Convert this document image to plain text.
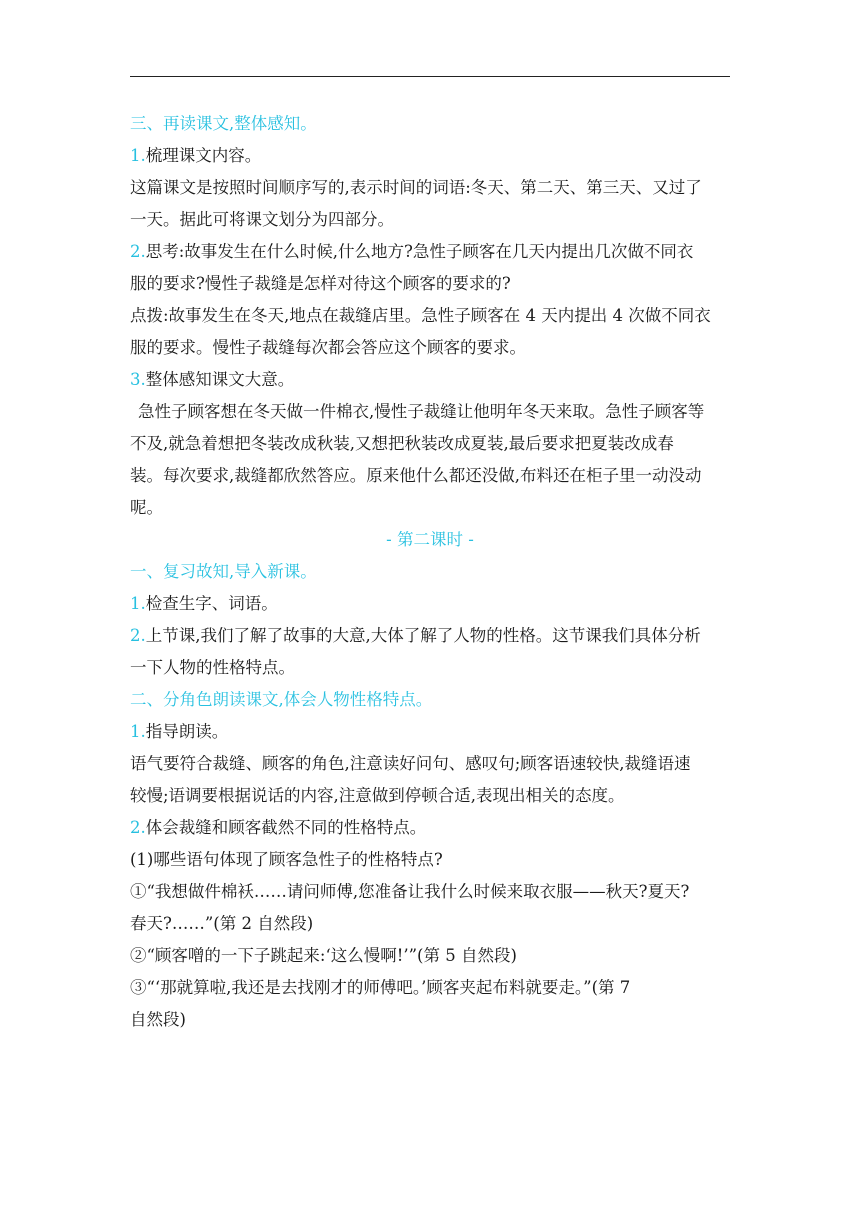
三、再读课文,整体感知。
1.梳理课文内容。
这篇课文是按照时间顺序写的,表示时间的词语:冬天、第二天、第三天、又过了
一天。据此可将课文划分为四部分。
2.思考:故事发生在什么时候,什么地方?急性子顾客在几天内提出几次做不同衣
服的要求?慢性子裁缝是怎样对待这个顾客的要求的?
点拨:故事发生在冬天,地点在裁缝店里。急性子顾客在 4 天内提出 4 次做不同衣
服的要求。慢性子裁缝每次都会答应这个顾客的要求。
3.整体感知课文大意。
急性子顾客想在冬天做一件棉衣,慢性子裁缝让他明年冬天来取。急性子顾客等
不及,就急着想把冬装改成秋装,又想把秋装改成夏装,最后要求把夏装改成春
装。每次要求,裁缝都欣然答应。原来他什么都还没做,布料还在柜子里一动没动
呢。
- 第二课时 -
一、复习故知,导入新课。
1.检查生字、词语。
2.上节课,我们了解了故事的大意,大体了解了人物的性格。这节课我们具体分析
一下人物的性格特点。
二、分角色朗读课文,体会人物性格特点。
1.指导朗读。
语气要符合裁缝、顾客的角色,注意读好问句、感叹句;顾客语速较快,裁缝语速
较慢;语调要根据说话的内容,注意做到停顿合适,表现出相关的态度。
2.体会裁缝和顾客截然不同的性格特点。
(1)哪些语句体现了顾客急性子的性格特点?
①“我想做件棉袄……请问师傅,您准备让我什么时候来取衣服——秋天?夏天?
春天?……”(第 2 自然段)
②“顾客噌的一下子跳起来:‘这么慢啊!’”(第 5 自然段)
③“‘那就算啦,我还是去找刚才的师傅吧。’顾客夹起布料就要走。”(第 7
自然段)
